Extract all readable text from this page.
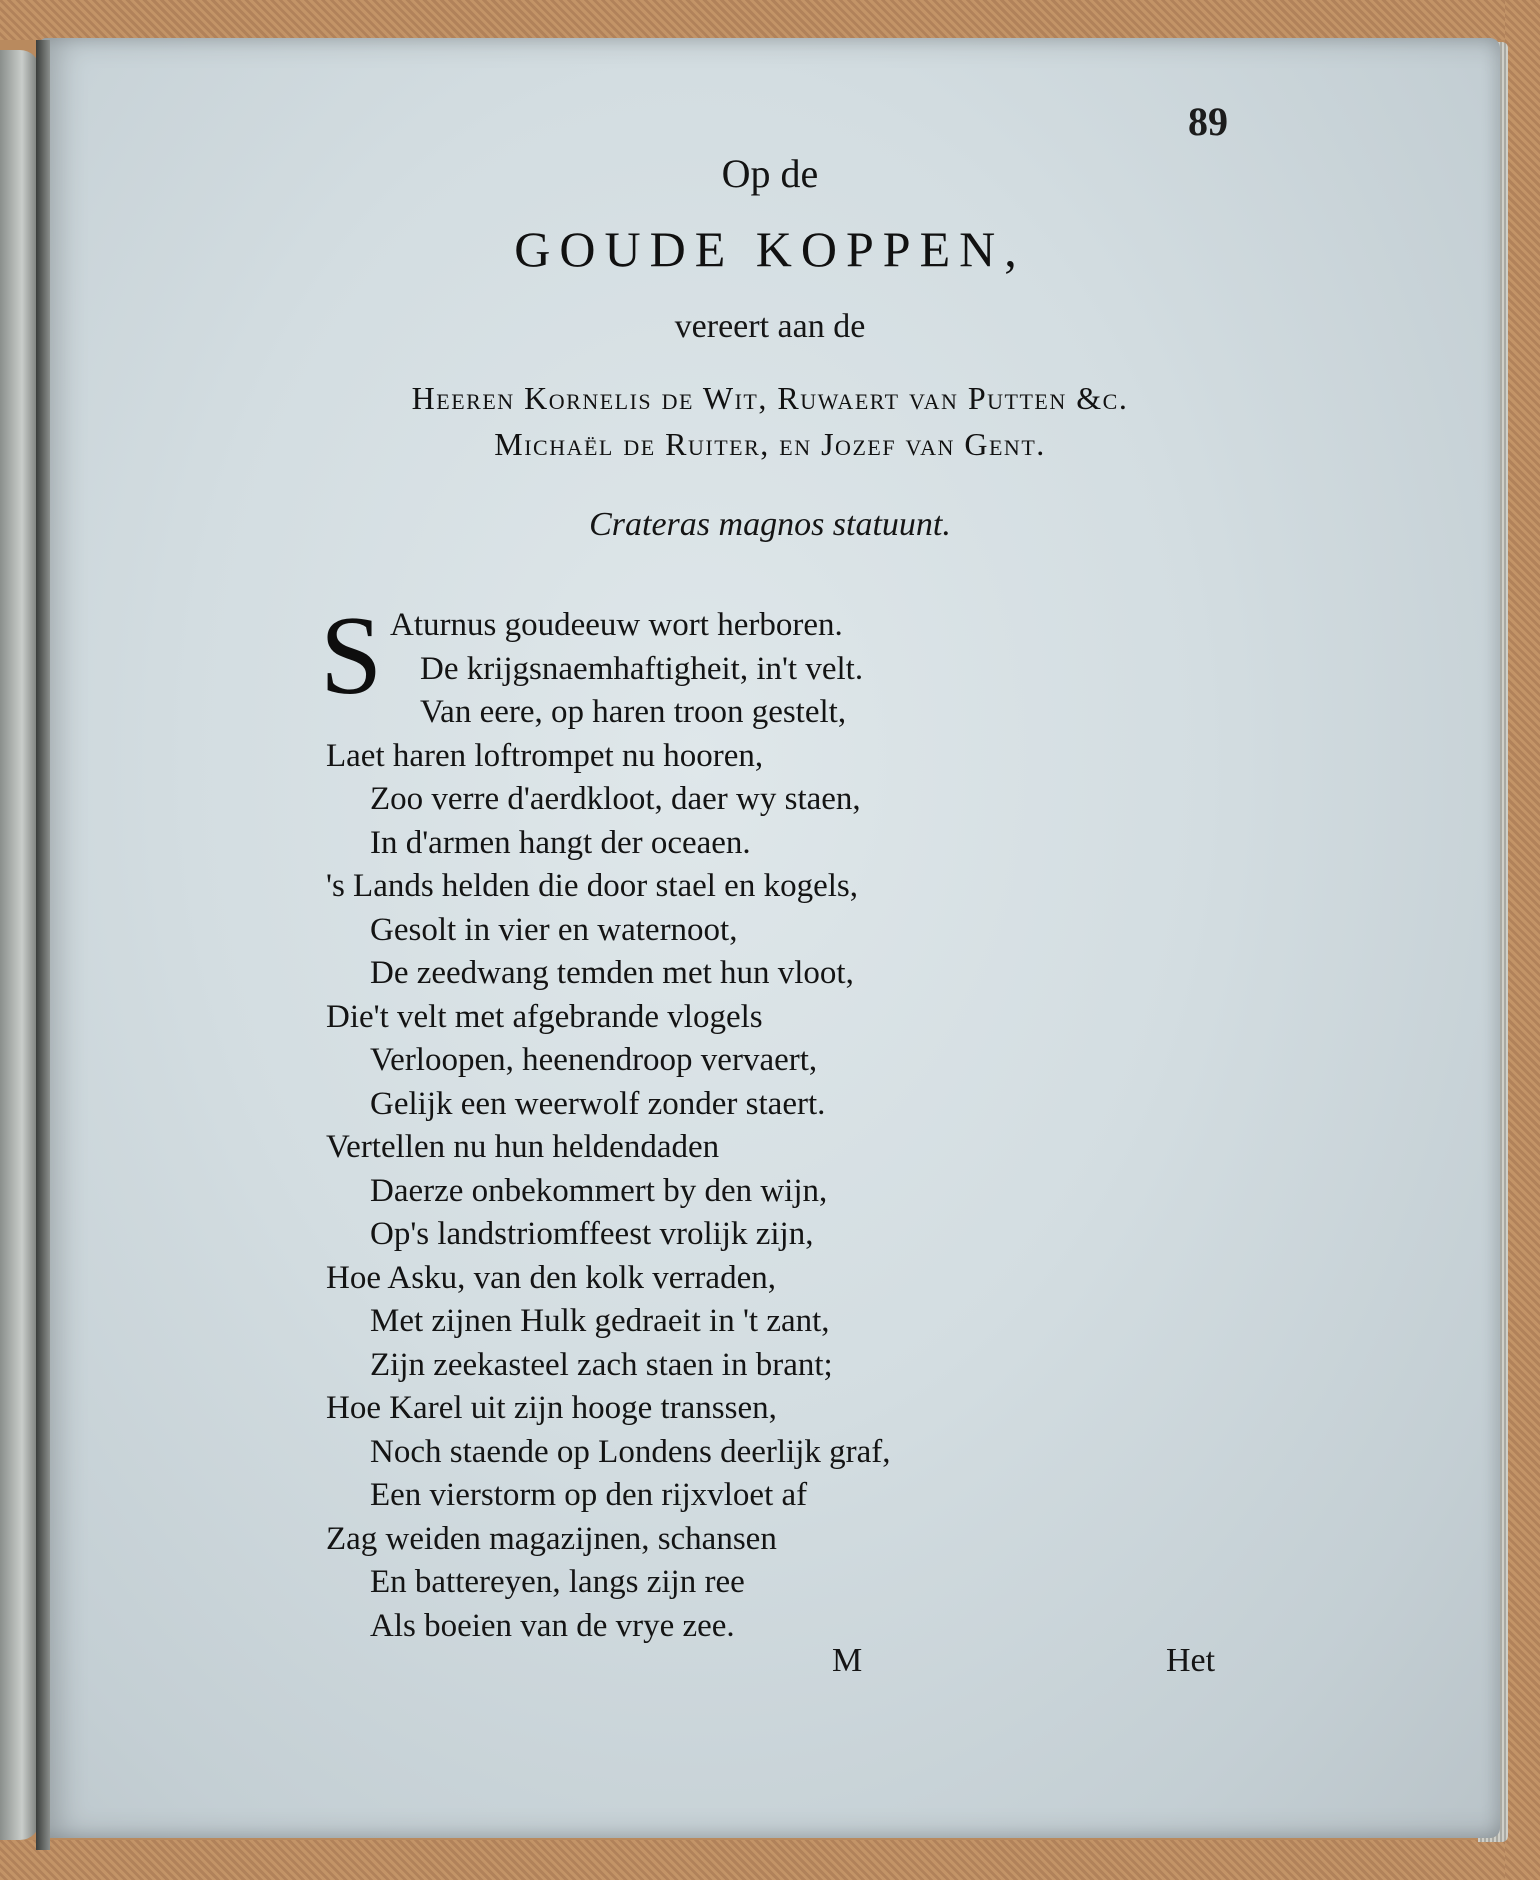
89
Op de
GOUDE KOPPEN,
vereert aan de
Heeren Kornelis de Wit, Ruwaert van Putten &c.
Michaël de Ruiter, en Jozef van Gent.
Crateras magnos statuunt.
S Aturnus goudeeuw wort herboren.
De krijgsnaemhaftigheit, in't velt.
Van eere, op haren troon gestelt,
Laet haren loftrompet nu hooren,
Zoo verre d'aerdkloot, daer wy staen,
In d'armen hangt der oceaen.
's Lands helden die door stael en kogels,
Gesolt in vier en waternoot,
De zeedwang temden met hun vloot,
Die't velt met afgebrande vlogels
Verloopen, heenendroop vervaert,
Gelijk een weerwolf zonder staert.
Vertellen nu hun heldendaden
Daerze onbekommert by den wijn,
Op's landstriomffeest vrolijk zijn,
Hoe Asku, van den kolk verraden,
Met zijnen Hulk gedraeit in 't zant,
Zijn zeekasteel zach staen in brant;
Hoe Karel uit zijn hooge transsen,
Noch staende op Londens deerlijk graf,
Een vierstorm op den rijxvloet af
Zag weiden magazijnen, schansen
En battereyen, langs zijn ree
Als boeien van de vrye zee.
M	Het
